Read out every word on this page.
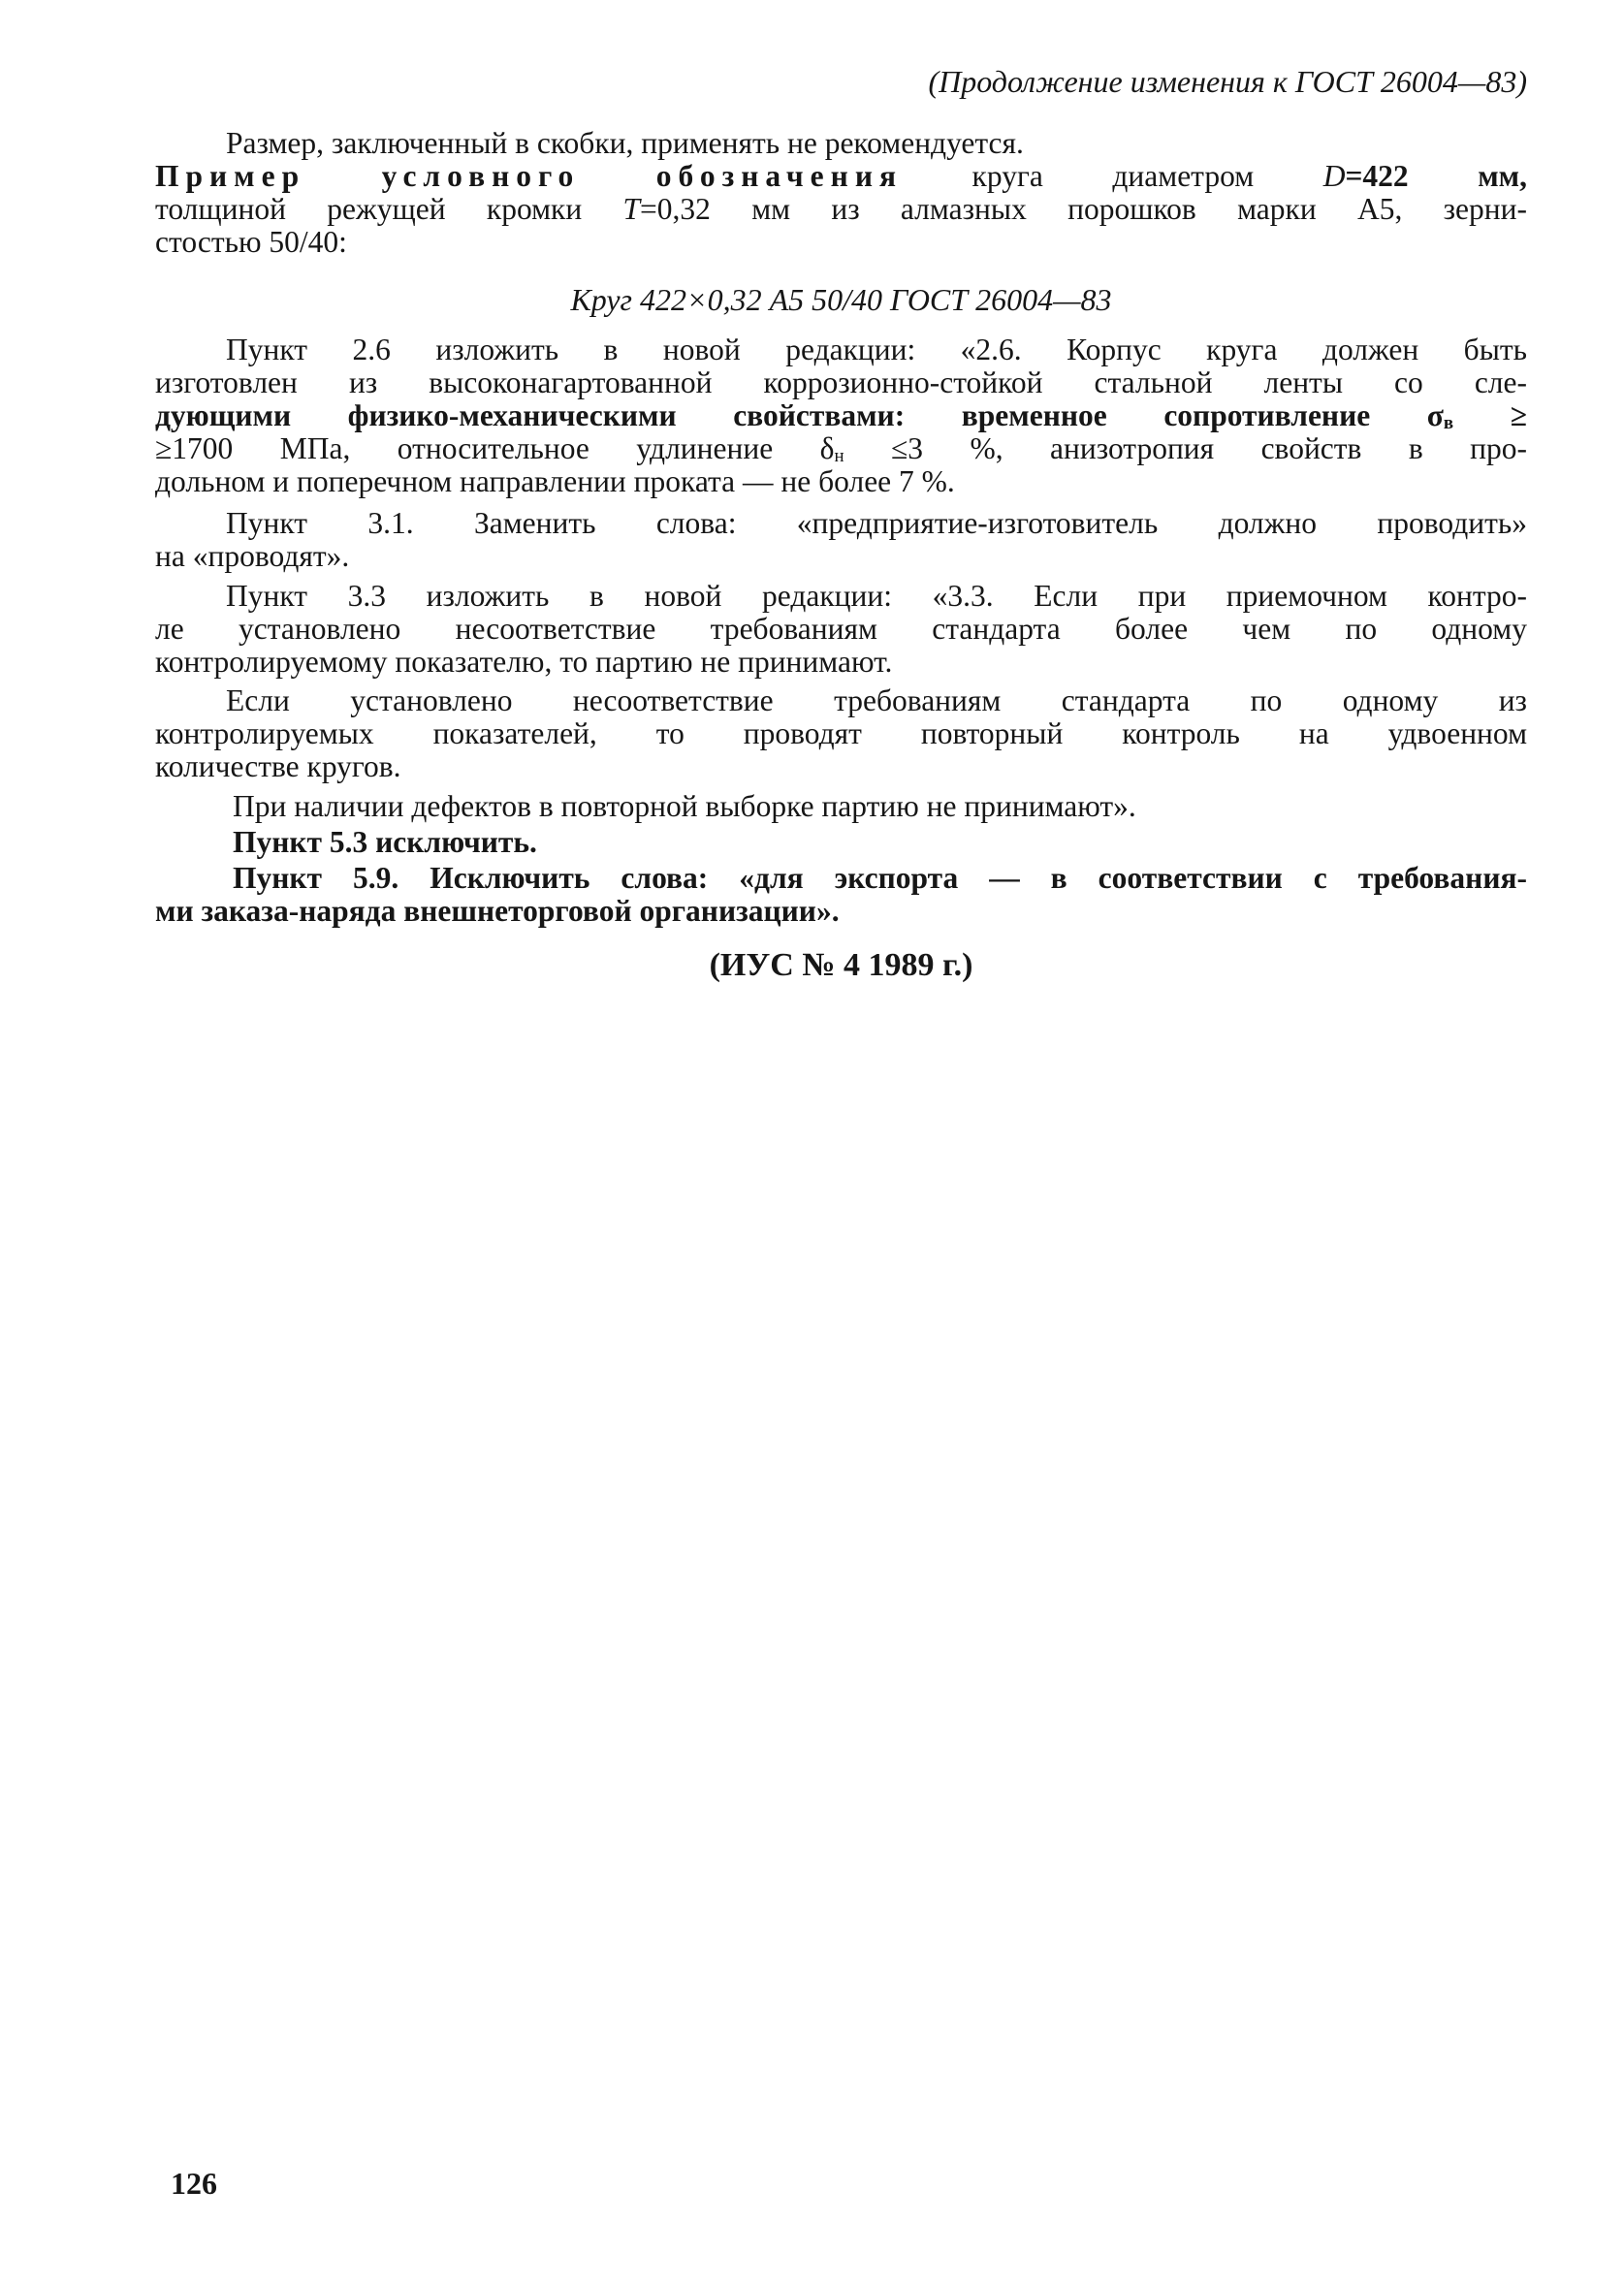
(Продолжение изменения к ГОСТ 26004—83)
Размер, заключенный в скобки, применять не рекомендуется.
Пример условного обозначения круга диаметром D=422 мм,
толщиной режущей кромки T=0,32 мм из алмазных порошков марки А5, зерни-
стостью 50/40:
Круг 422×0,32 А5 50/40 ГОСТ 26004—83
Пункт 2.6 изложить в новой редакции: «2.6. Корпус круга должен быть
изготовлен из высоконагартованной коррозионно-стойкой стальной ленты со сле-
дующими физико-механическими свойствами: временное сопротивление $\sigma_в$ ≥
≥1700 МПа, относительное удлинение $\delta_н \le 3$ %, анизотропия свойств в про-
дольном и поперечном направлении проката — не более 7 %.
Пункт 3.1. Заменить слова: «предприятие-изготовитель должно проводить»
на «проводят».
Пункт 3.3 изложить в новой редакции: «3.3. Если при приемочном контро-
ле установлено несоответствие требованиям стандарта более чем по одному
контролируемому показателю, то партию не принимают.
Если установлено несоответствие требованиям стандарта по одному из
контролируемых показателей, то проводят повторный контроль на удвоенном
количестве кругов.
При наличии дефектов в повторной выборке партию не принимают».
Пункт 5.3 исключить.
Пункт 5.9. Исключить слова: «для экспорта — в соответствии с требования-
ми заказа-наряда внешнеторговой организации».
(ИУС № 4 1989 г.)
126
